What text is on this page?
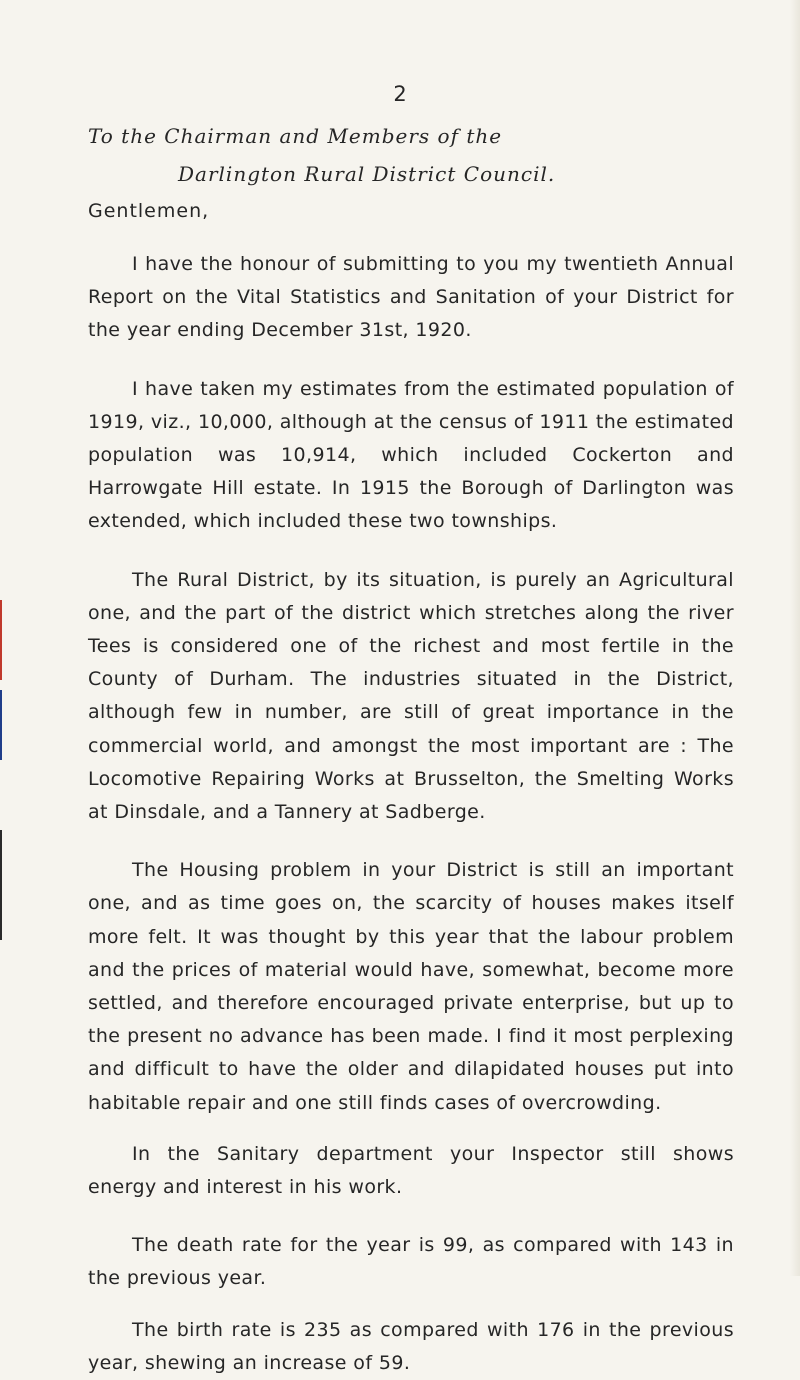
2
To the Chairman and Members of the
Darlington Rural District Council.
Gentlemen,

I have the honour of submitting to you my twentieth Annual Report on the Vital Statistics and Sanitation of your District for the year ending December 31st, 1920.

I have taken my estimates from the estimated population of 1919, viz., 10,000, although at the census of 1911 the estimated population was 10,914, which included Cockerton and Harrowgate Hill estate. In 1915 the Borough of Darlington was extended, which included these two townships.

The Rural District, by its situation, is purely an Agricultural one, and the part of the district which stretches along the river Tees is considered one of the richest and most fertile in the County of Durham. The industries situated in the District, although few in number, are still of great importance in the commercial world, and amongst the most important are : The Locomotive Repairing Works at Brusselton, the Smelting Works at Dinsdale, and a Tannery at Sadberge.

The Housing problem in your District is still an important one, and as time goes on, the scarcity of houses makes itself more felt. It was thought by this year that the labour problem and the prices of material would have, somewhat, become more settled, and therefore encouraged private enterprise, but up to the present no advance has been made. I find it most perplexing and difficult to have the older and dilapidated houses put into habitable repair and one still finds cases of overcrowding.

In the Sanitary department your Inspector still shows energy and interest in his work.

The death rate for the year is 99, as compared with 143 in the previous year.

The birth rate is 235 as compared with 176 in the previous year, shewing an increase of 59.
